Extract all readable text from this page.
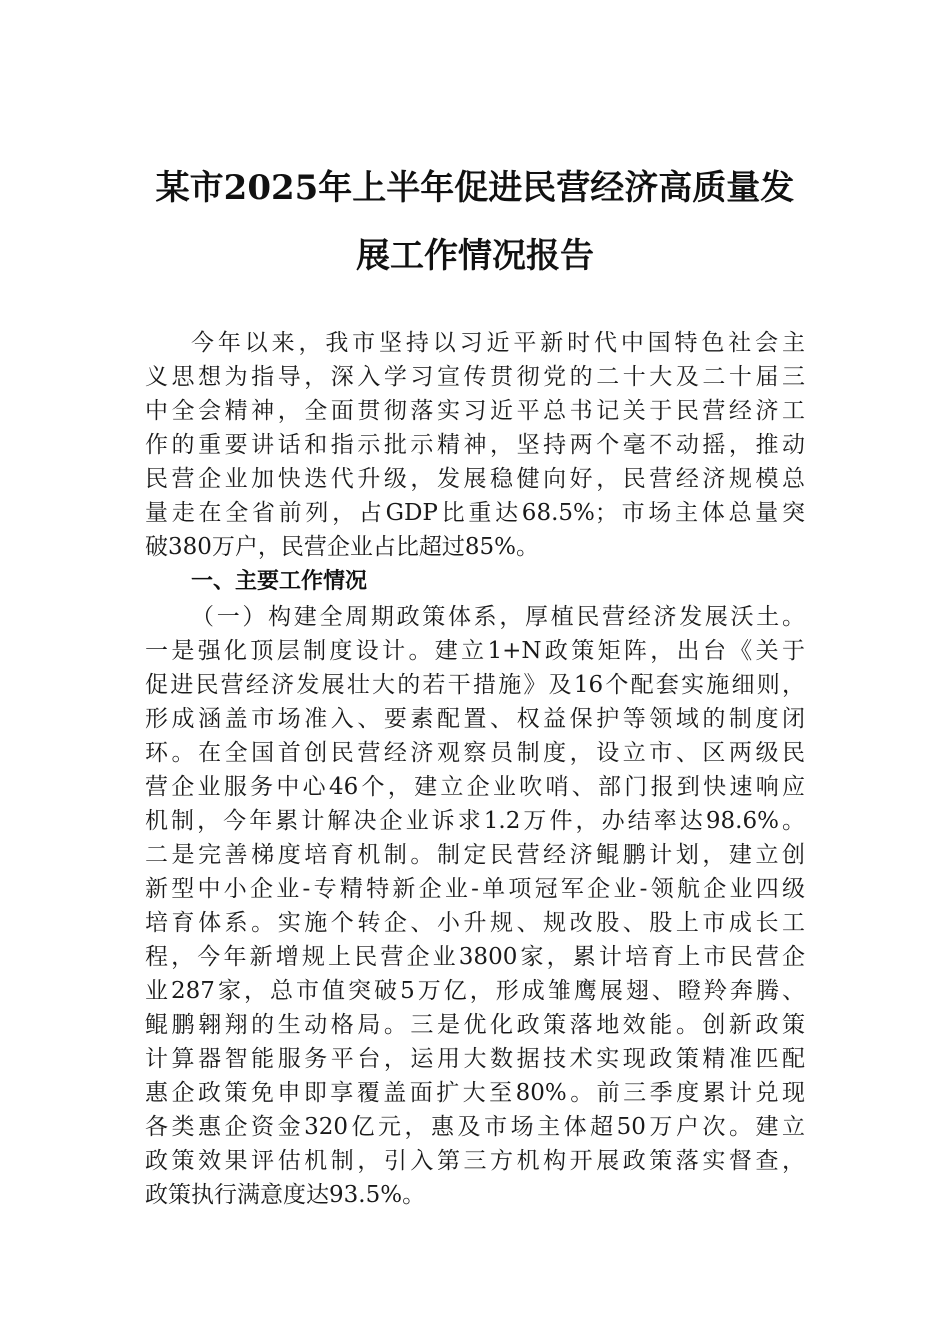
某市2025年上半年促进民营经济高质量发
展工作情况报告
今年以来，我市坚持以习近平新时代中国特色社会主
义思想为指导，深入学习宣传贯彻党的二十大及二十届三
中全会精神，全面贯彻落实习近平总书记关于民营经济工
作的重要讲话和指示批示精神，坚持两个毫不动摇，推动
民营企业加快迭代升级，发展稳健向好，民营经济规模总
量走在全省前列，占GDP比重达68.5%；市场主体总量突
破380万户，民营企业占比超过85%。
一、主要工作情况
（一）构建全周期政策体系，厚植民营经济发展沃土。
一是强化顶层制度设计。建立1+N政策矩阵，出台《关于
促进民营经济发展壮大的若干措施》及16个配套实施细则，
形成涵盖市场准入、要素配置、权益保护等领域的制度闭
环。在全国首创民营经济观察员制度，设立市、区两级民
营企业服务中心46个，建立企业吹哨、部门报到快速响应
机制，今年累计解决企业诉求1.2万件，办结率达98.6%。
二是完善梯度培育机制。制定民营经济鲲鹏计划，建立创
新型中小企业-专精特新企业-单项冠军企业-领航企业四级
培育体系。实施个转企、小升规、规改股、股上市成长工
程，今年新增规上民营企业3800家，累计培育上市民营企
业287家，总市值突破5万亿，形成雏鹰展翅、瞪羚奔腾、
鲲鹏翱翔的生动格局。三是优化政策落地效能。创新政策
计算器智能服务平台，运用大数据技术实现政策精准匹配
惠企政策免申即享覆盖面扩大至80%。前三季度累计兑现
各类惠企资金320亿元，惠及市场主体超50万户次。建立
政策效果评估机制，引入第三方机构开展政策落实督查，
政策执行满意度达93.5%。
